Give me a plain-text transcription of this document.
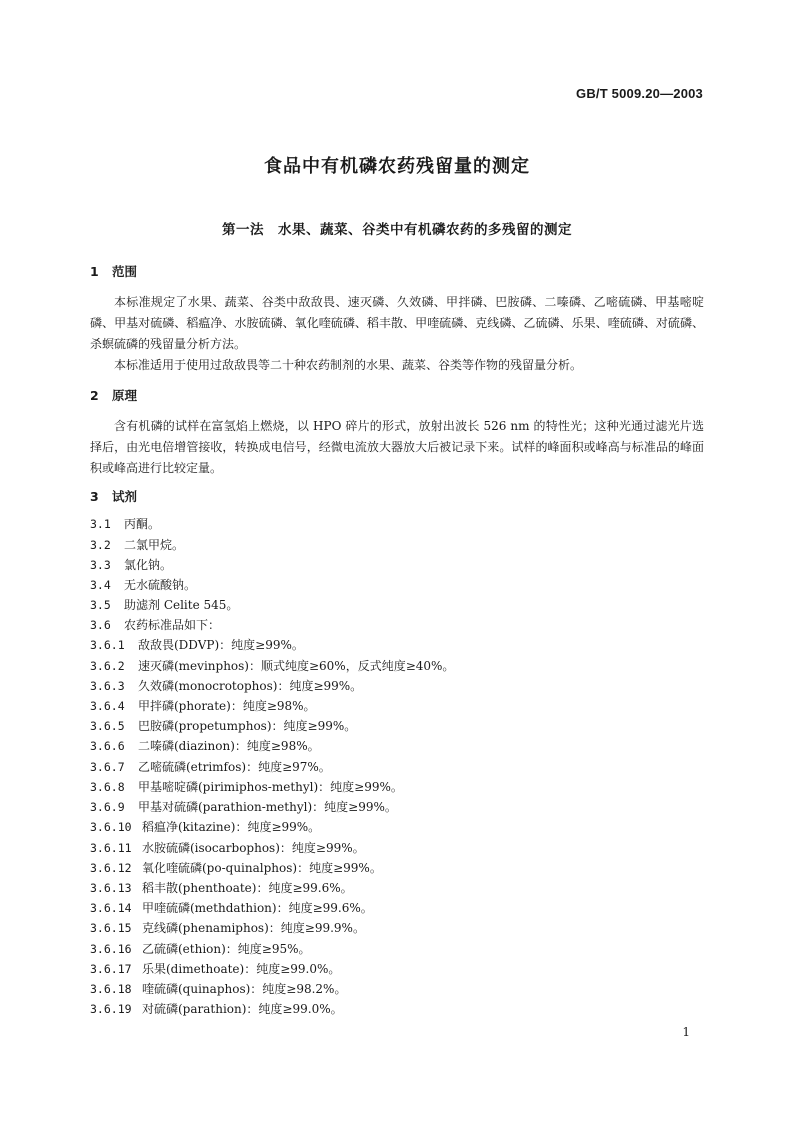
GB/T 5009.20—2003
食品中有机磷农药残留量的测定
第一法　水果、蔬菜、谷类中有机磷农药的多残留的测定
1 范围

本标准规定了水果、蔬菜、谷类中敌敌畏、速灭磷、久效磷、甲拌磷、巴胺磷、二嗪磷、乙嘧硫磷、甲基嘧啶磷、甲基对硫磷、稻瘟净、水胺硫磷、氧化喹硫磷、稻丰散、甲喹硫磷、克线磷、乙硫磷、乐果、喹硫磷、对硫磷、杀螟硫磷的残留量分析方法。

本标准适用于使用过敌敌畏等二十种农药制剂的水果、蔬菜、谷类等作物的残留量分析。

2 原理

含有机磷的试样在富氢焰上燃烧，以 HPO 碎片的形式，放射出波长 526 nm 的特性光；这种光通过滤光片选择后，由光电倍增管接收，转换成电信号，经微电流放大器放大后被记录下来。试样的峰面积或峰高与标准品的峰面积或峰高进行比较定量。

3 试剂
3.1 丙酮。
3.2 二氯甲烷。
3.3 氯化钠。
3.4 无水硫酸钠。
3.5 助滤剂 Celite 545。
3.6 农药标准品如下：
3.6.1 敌敌畏(DDVP)：纯度≥99%。
3.6.2 速灭磷(mevinphos)：顺式纯度≥60%，反式纯度≥40%。
3.6.3 久效磷(monocrotophos)：纯度≥99%。
3.6.4 甲拌磷(phorate)：纯度≥98%。
3.6.5 巴胺磷(propetumphos)：纯度≥99%。
3.6.6 二嗪磷(diazinon)：纯度≥98%。
3.6.7 乙嘧硫磷(etrimfos)：纯度≥97%。
3.6.8 甲基嘧啶磷(pirimiphos-methyl)：纯度≥99%。
3.6.9 甲基对硫磷(parathion-methyl)：纯度≥99%。
3.6.10 稻瘟净(kitazine)：纯度≥99%。
3.6.11 水胺硫磷(isocarbophos)：纯度≥99%。
3.6.12 氧化喹硫磷(po-quinalphos)：纯度≥99%。
3.6.13 稻丰散(phenthoate)：纯度≥99.6%。
3.6.14 甲喹硫磷(methdathion)：纯度≥99.6%。
3.6.15 克线磷(phenamiphos)：纯度≥99.9%。
3.6.16 乙硫磷(ethion)：纯度≥95%。
3.6.17 乐果(dimethoate)：纯度≥99.0%。
3.6.18 喹硫磷(quinaphos)：纯度≥98.2%。
3.6.19 对硫磷(parathion)：纯度≥99.0%。
1
